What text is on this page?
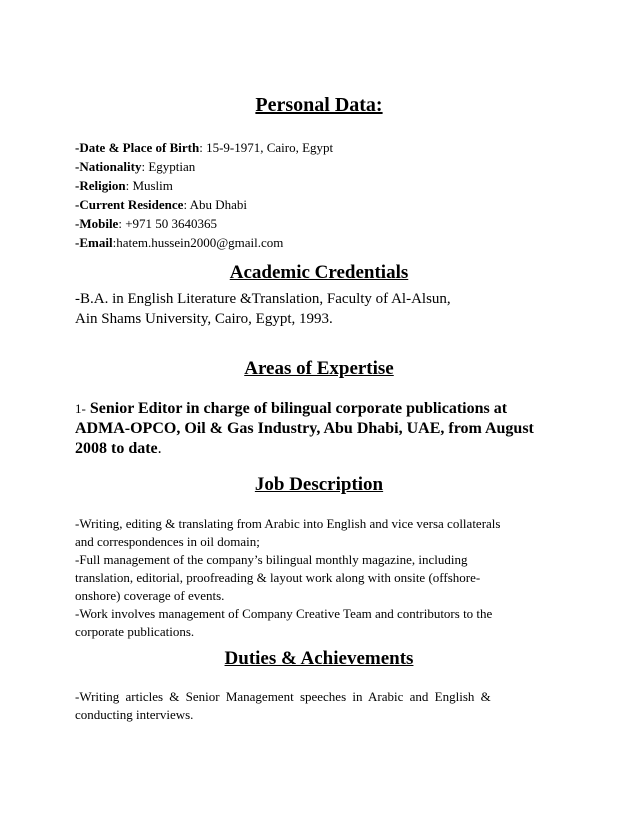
Personal Data:
-Date & Place of Birth: 15-9-1971, Cairo, Egypt
-Nationality: Egyptian
-Religion: Muslim
-Current Residence: Abu Dhabi
-Mobile: +971 50 3640365
-Email:hatem.hussein2000@gmail.com
Academic Credentials
-B.A. in English Literature &Translation, Faculty of Al-Alsun,
Ain Shams University, Cairo, Egypt, 1993.
Areas of Expertise
1- Senior Editor in charge of bilingual corporate publications at
ADMA-OPCO, Oil & Gas Industry, Abu Dhabi, UAE, from August
2008 to date.
Job Description
-Writing, editing & translating from Arabic into English and vice versa collaterals
and correspondences in oil domain;
-Full management of the company’s bilingual monthly magazine, including
translation, editorial, proofreading & layout work along with onsite (offshore-
onshore) coverage of events.
-Work involves management of Company Creative Team and contributors to the
corporate publications.
Duties & Achievements
-Writing articles & Senior Management speeches in Arabic and English &
conducting interviews.
